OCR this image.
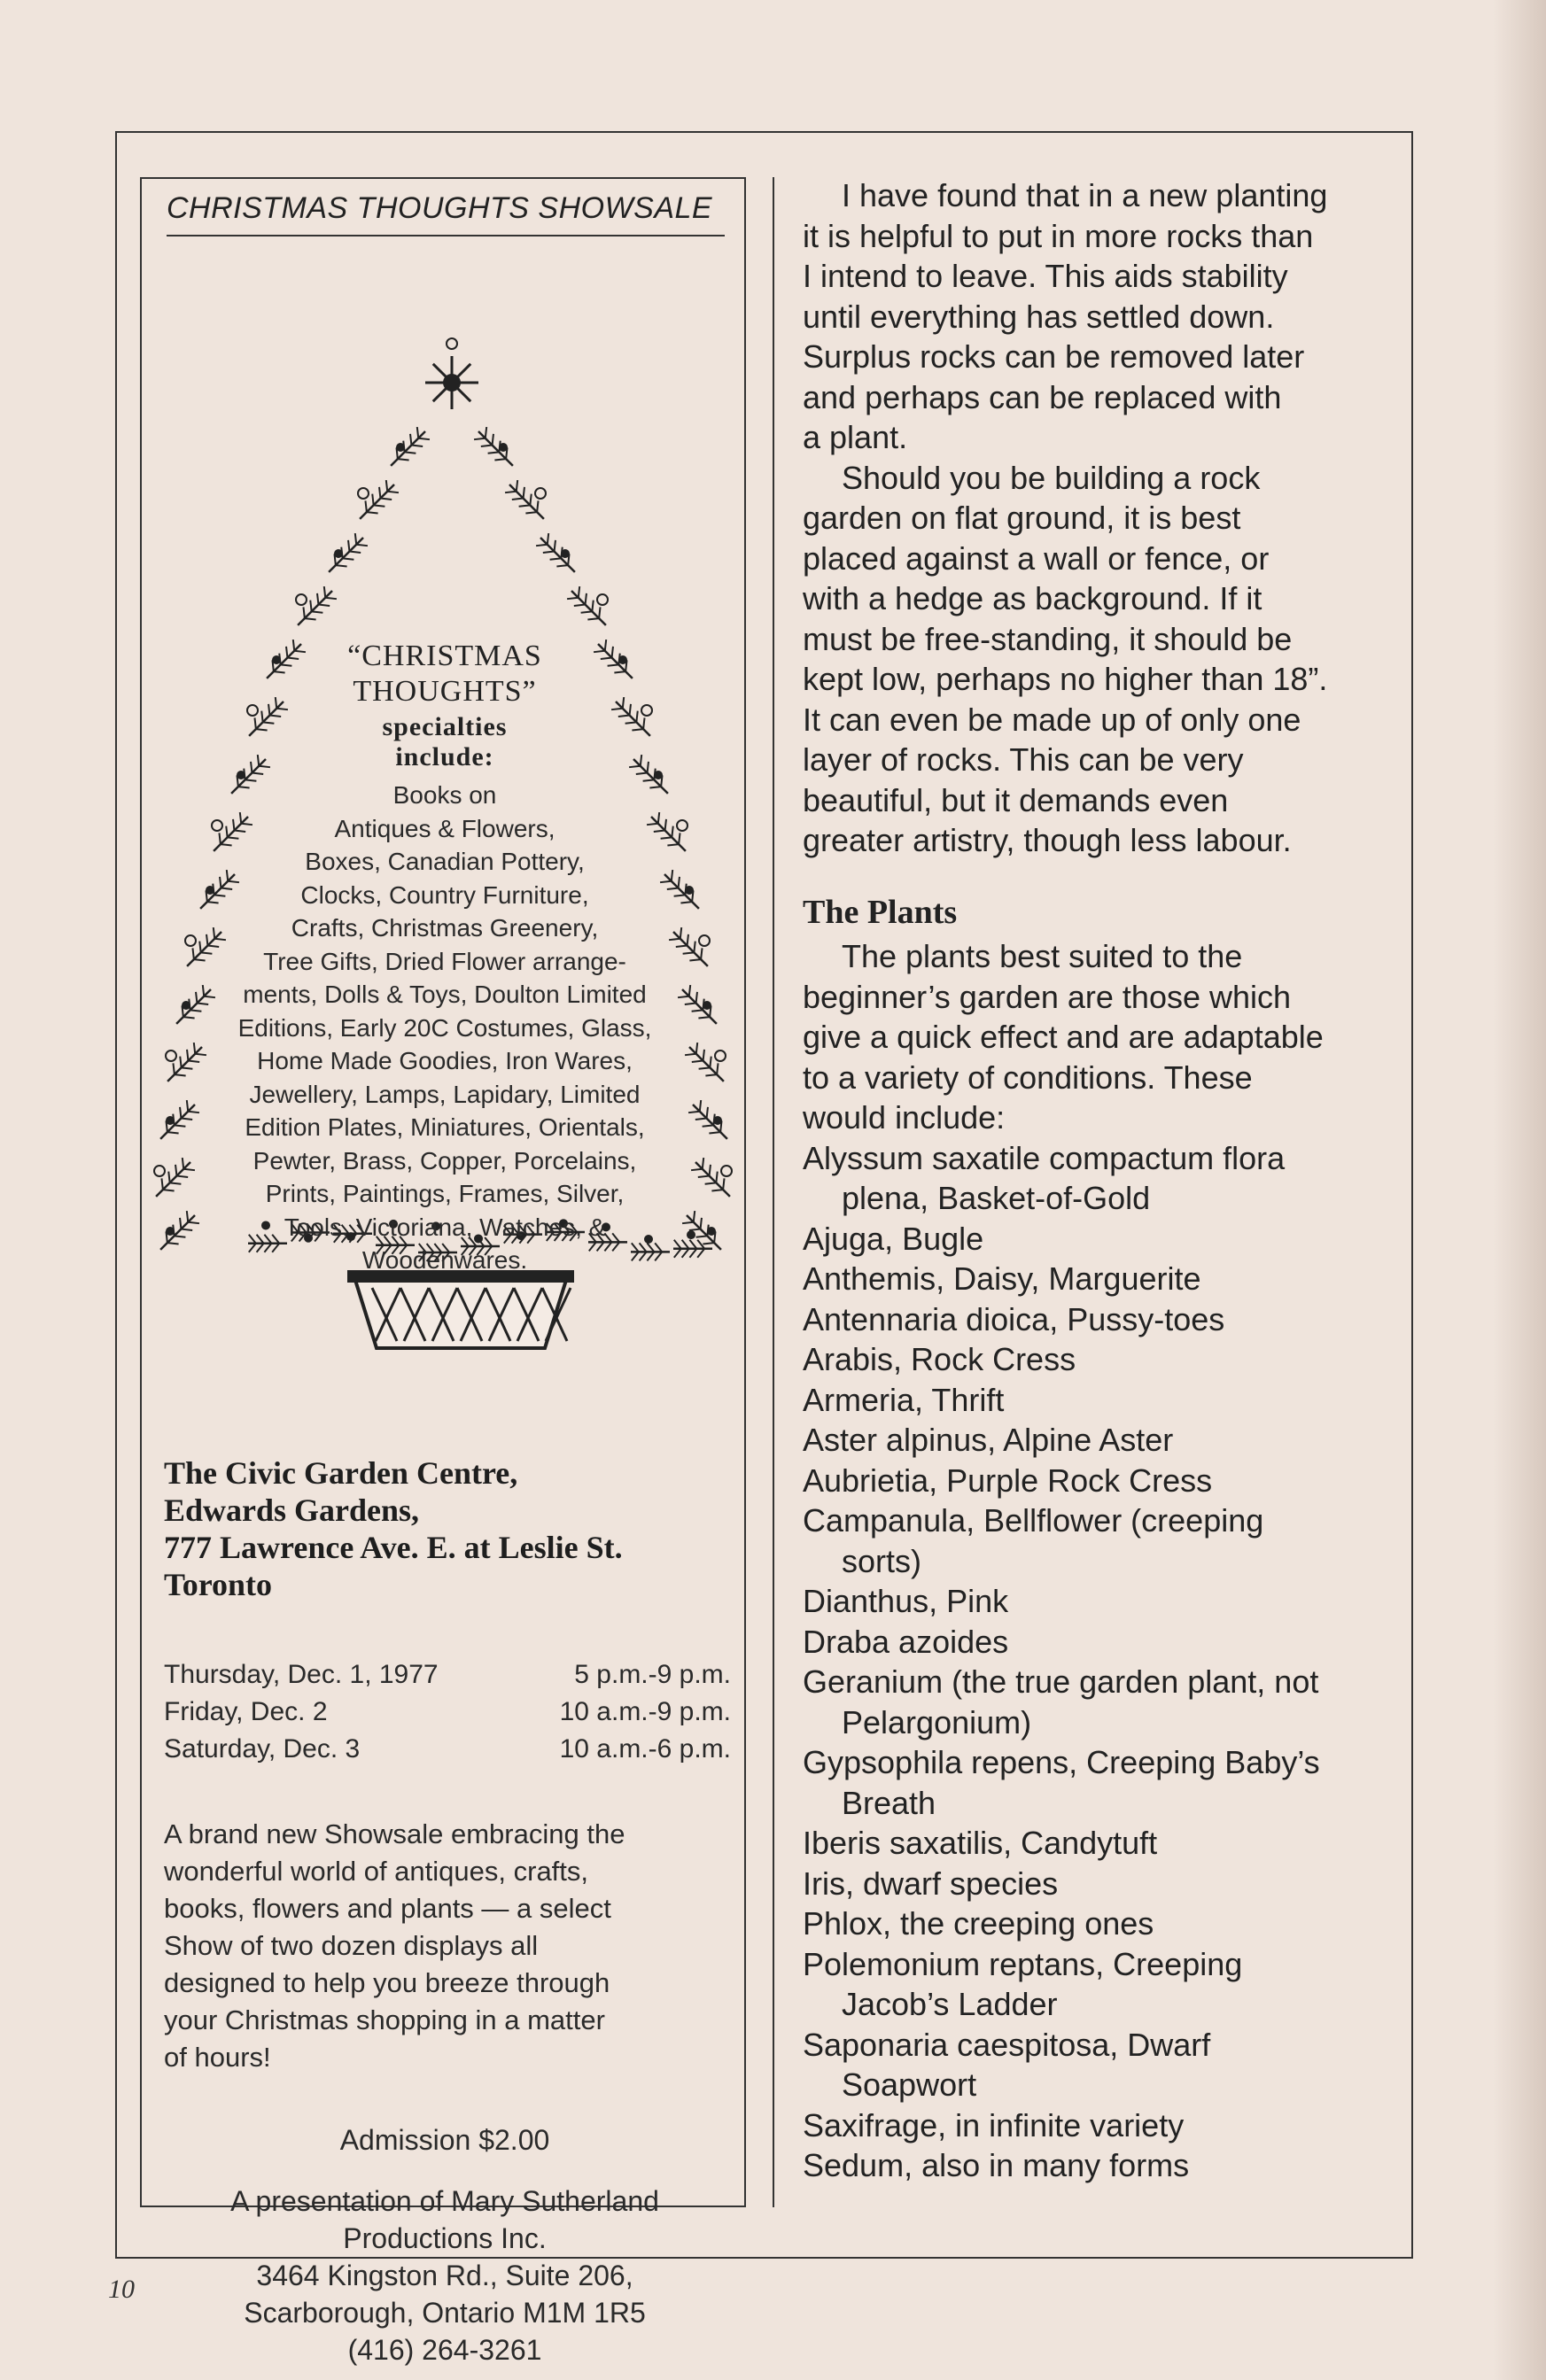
CHRISTMAS THOUGHTS SHOWSALE
“CHRISTMAS
THOUGHTS”
specialties
include:
Books on
Antiques & Flowers,
Boxes, Canadian Pottery,
Clocks, Country Furniture,
Crafts, Christmas Greenery,
Tree Gifts, Dried Flower arrange-
ments, Dolls & Toys, Doulton Limited
Editions, Early 20C Costumes, Glass,
Home Made Goodies, Iron Wares,
Jewellery, Lamps, Lapidary, Limited
Edition Plates, Miniatures, Orientals,
Pewter, Brass, Copper, Porcelains,
Prints, Paintings, Frames, Silver,
Tools, Victoriana, Watches, &
Woodenwares.
The Civic Garden Centre,
Edwards Gardens,
777 Lawrence Ave. E. at Leslie St.
Toronto
Thursday, Dec. 1, 1977	5 p.m.-9 p.m.
Friday, Dec. 2	10 a.m.-9 p.m.
Saturday, Dec. 3	10 a.m.-6 p.m.
A brand new Showsale embracing the
wonderful world of antiques, crafts,
books, flowers and plants — a select
Show of two dozen displays all
designed to help you breeze through
your Christmas shopping in a matter
of hours!
Admission $2.00
A presentation of Mary Sutherland
Productions Inc.
3464 Kingston Rd., Suite 206,
Scarborough, Ontario M1M 1R5
(416) 264-3261

I have found that in a new planting
it is helpful to put in more rocks than
I intend to leave. This aids stability
until everything has settled down.
Surplus rocks can be removed later
and perhaps can be replaced with
a plant.

Should you be building a rock
garden on flat ground, it is best
placed against a wall or fence, or
with a hedge as background. If it
must be free-standing, it should be
kept low, perhaps no higher than 18”.
It can even be made up of only one
layer of rocks. This can be very
beautiful, but it demands even
greater artistry, though less labour.

The Plants

The plants best suited to the
beginner’s garden are those which
give a quick effect and are adaptable
to a variety of conditions. These
would include:

Alyssum saxatile compactum flora plena, Basket-of-Gold
Ajuga, Bugle
Anthemis, Daisy, Marguerite
Antennaria dioica, Pussy-toes
Arabis, Rock Cress
Armeria, Thrift
Aster alpinus, Alpine Aster
Aubrietia, Purple Rock Cress
Campanula, Bellflower (creeping sorts)
Dianthus, Pink
Draba azoides
Geranium (the true garden plant, not Pelargonium)
Gypsophila repens, Creeping Baby’s Breath
Iberis saxatilis, Candytuft
Iris, dwarf species
Phlox, the creeping ones
Polemonium reptans, Creeping Jacob’s Ladder
Saponaria caespitosa, Dwarf Soapwort
Saxifrage, in infinite variety
Sedum, also in many forms
10
